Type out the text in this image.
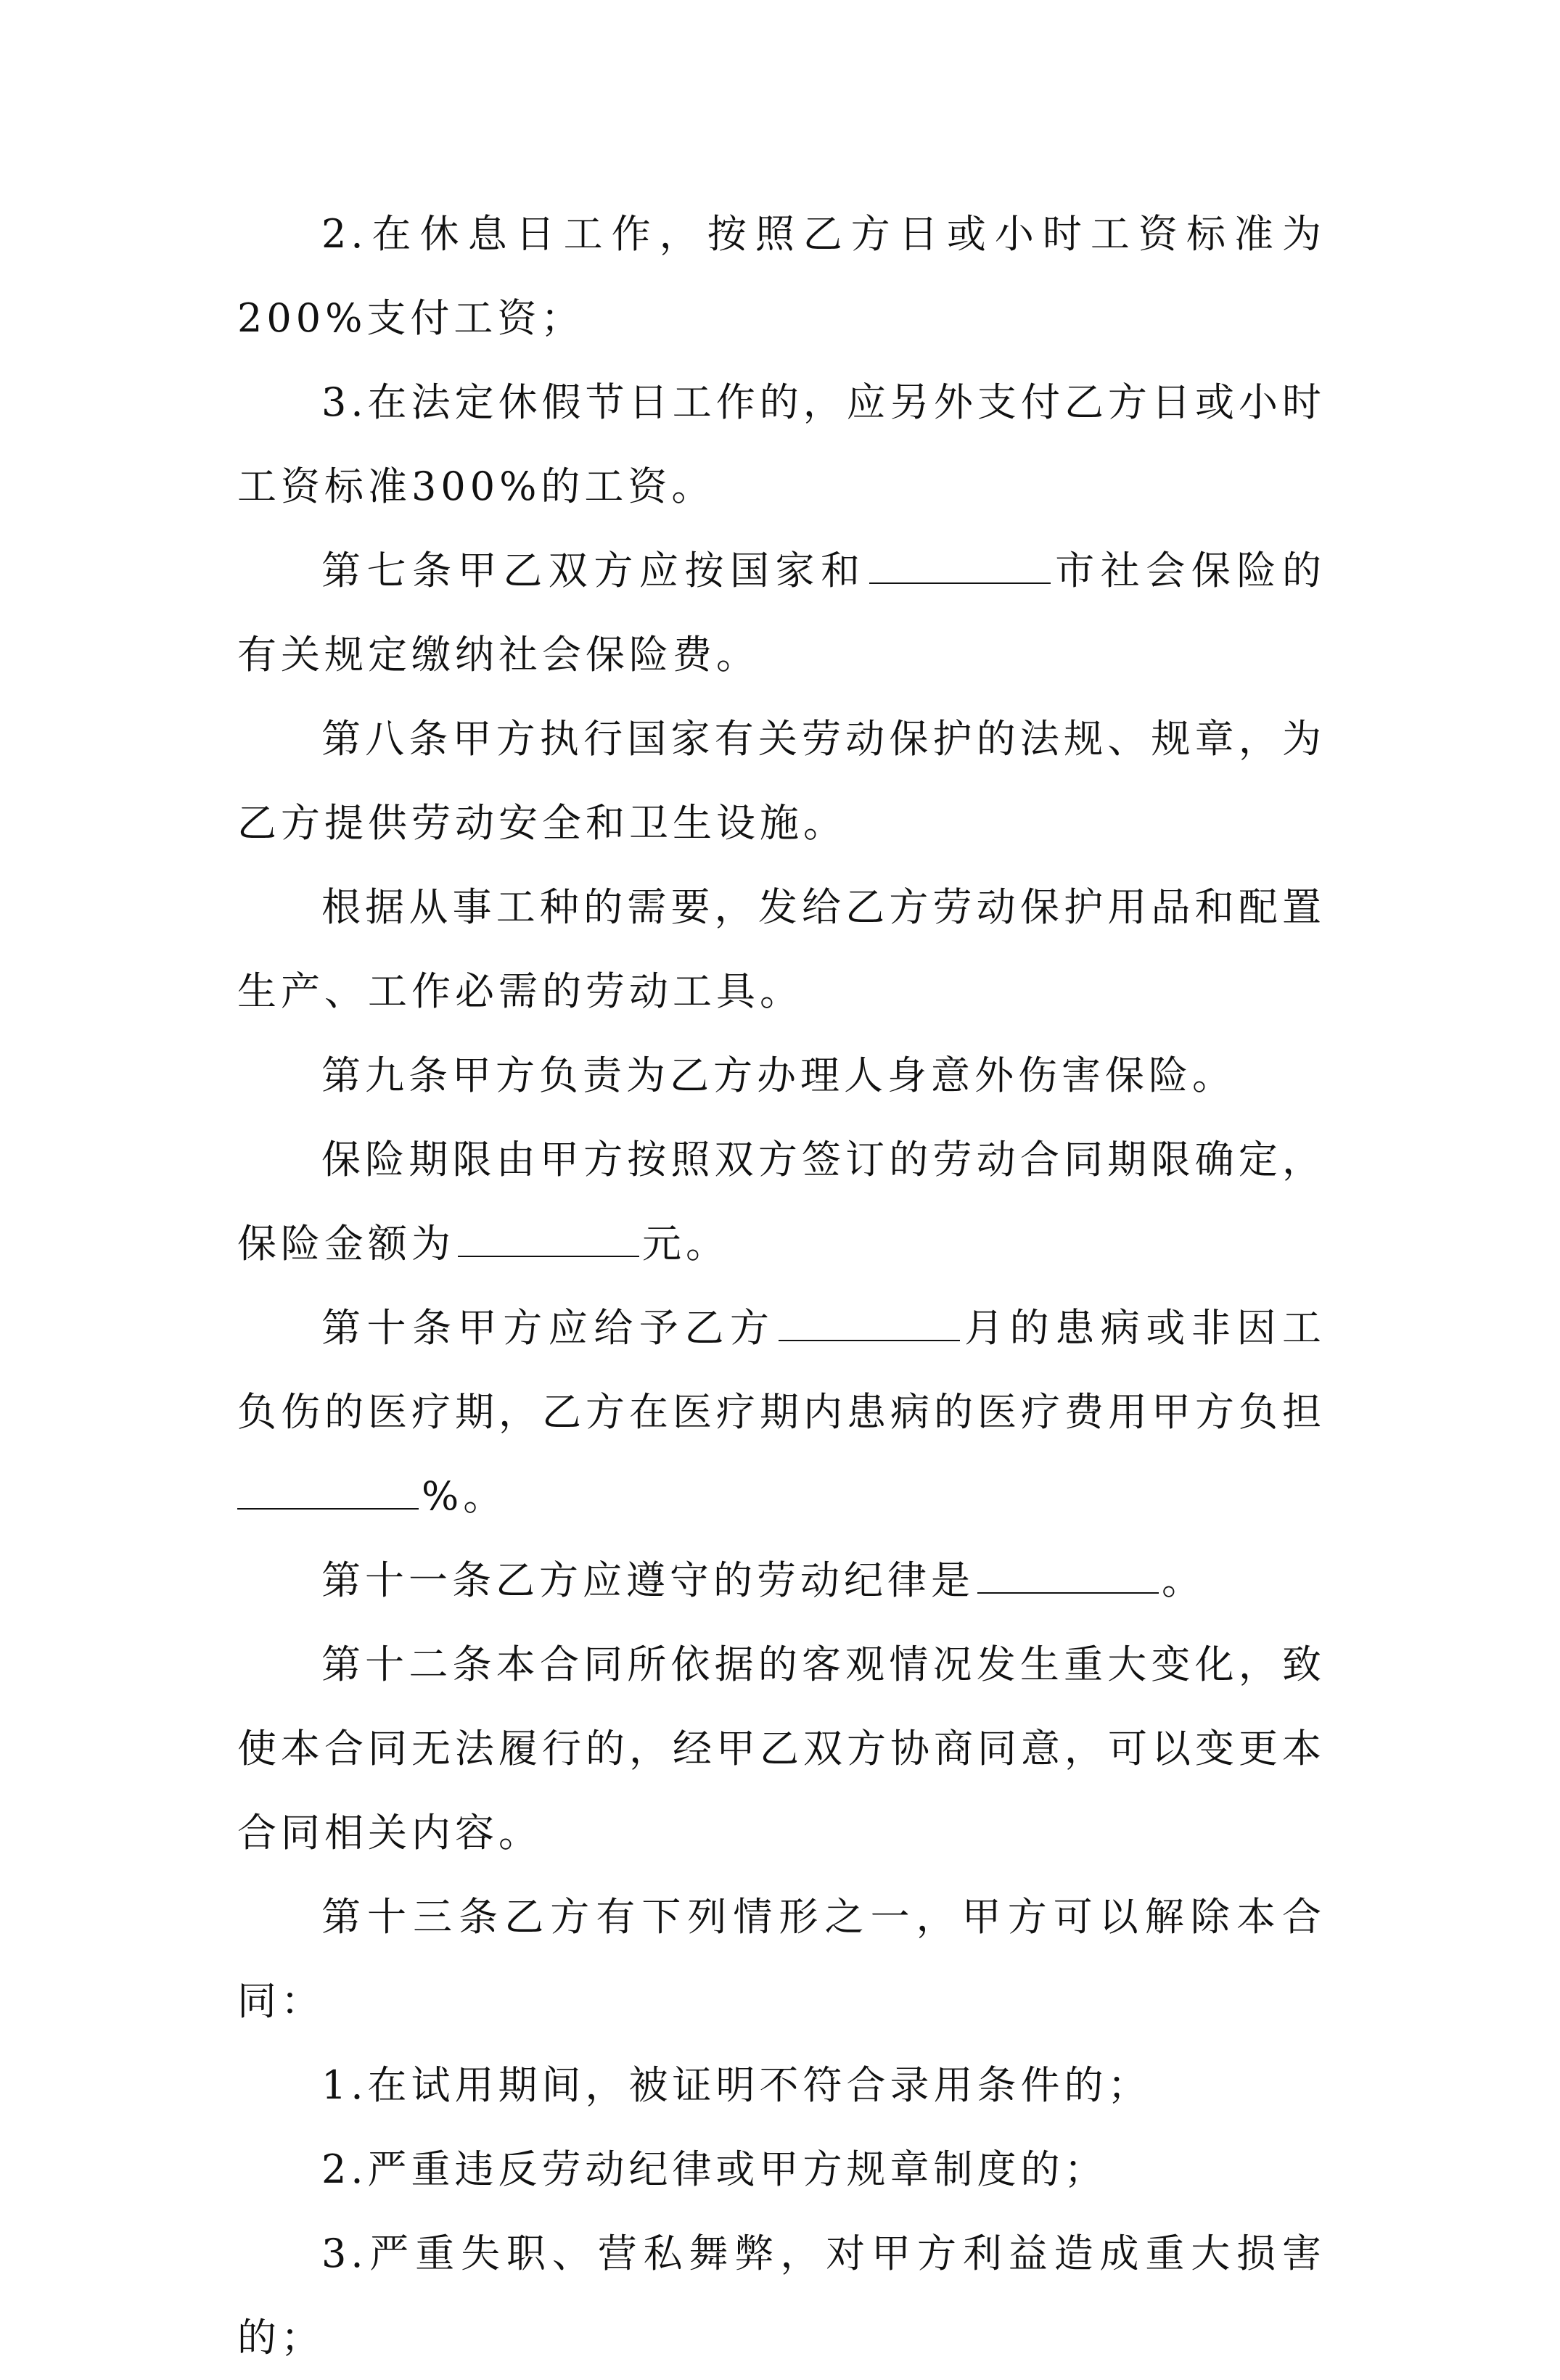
2.在休息日工作，按照乙方日或小时工资标准为200%支付工资；

3.在法定休假节日工作的，应另外支付乙方日或小时工资标准300%的工资。

第七条甲乙双方应按国家和	市社会保险的有关规定缴纳社会保险费。

第八条甲方执行国家有关劳动保护的法规、规章，为乙方提供劳动安全和卫生设施。

根据从事工种的需要，发给乙方劳动保护用品和配置生产、工作必需的劳动工具。

第九条甲方负责为乙方办理人身意外伤害保险。

保险期限由甲方按照双方签订的劳动合同期限确定，保险金额为	元。

第十条甲方应给予乙方	月的患病或非因工负伤的医疗期，乙方在医疗期内患病的医疗费用甲方负担%。

第十一条乙方应遵守的劳动纪律是	。

第十二条本合同所依据的客观情况发生重大变化，致使本合同无法履行的，经甲乙双方协商同意，可以变更本合同相关内容。

第十三条乙方有下列情形之一，甲方可以解除本合同：

1.在试用期间，被证明不符合录用条件的；

2.严重违反劳动纪律或甲方规章制度的；

3.严重失职、营私舞弊，对甲方利益造成重大损害的；
